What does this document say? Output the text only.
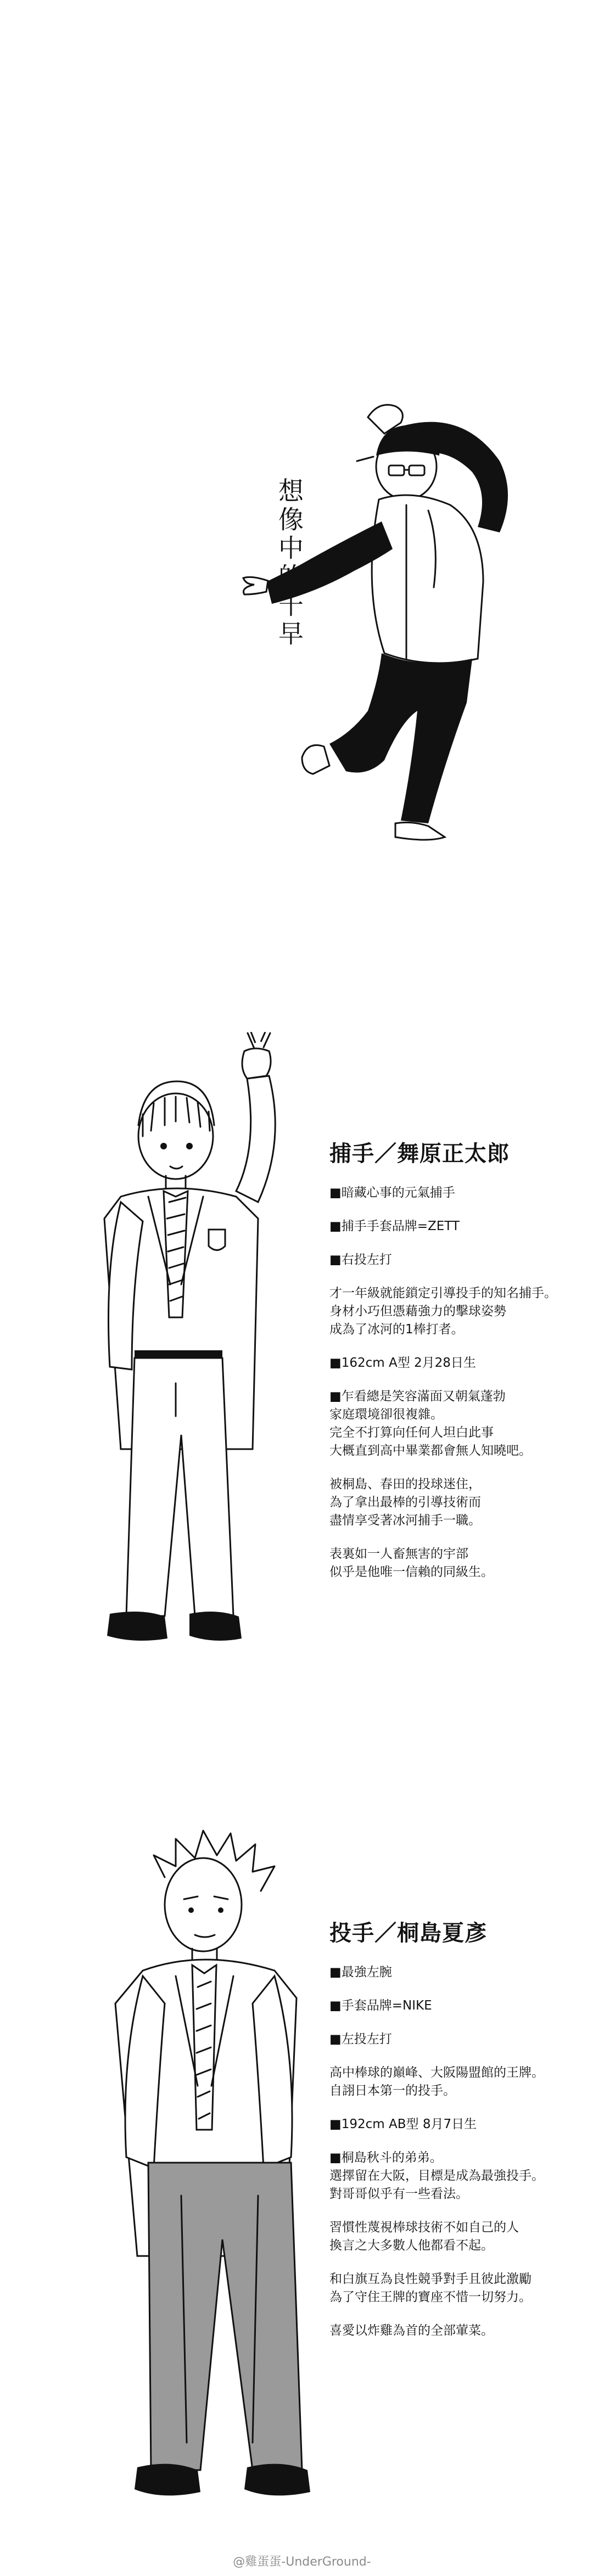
想像中的千早
捕手／舞原正太郎

■暗藏心事的元氣捕手

■捕手手套品牌=ZETT

■右投左打

才一年級就能鎖定引導投手的知名捕手。

身材小巧但憑藉強力的擊球姿勢

成為了冰河的1棒打者。

■162cm A型 2月28日生

■乍看總是笑容滿面又朝氣蓬勃

家庭環境卻很複雜。

完全不打算向任何人坦白此事

大概直到高中畢業都會無人知曉吧。

被桐島、春田的投球迷住，

為了拿出最棒的引導技術而

盡情享受著冰河捕手一職。

表裏如一人畜無害的宇部

似乎是他唯一信賴的同級生。

投手／桐島夏彥

■最強左腕

■手套品牌=NIKE

■左投左打

高中棒球的巔峰、大阪陽盟館的王牌。

自詡日本第一的投手。

■192cm AB型 8月7日生

■桐島秋斗的弟弟。

選擇留在大阪，目標是成為最強投手。

對哥哥似乎有一些看法。

習慣性蔑視棒球技術不如自己的人

換言之大多數人他都看不起。

和白旗互為良性競爭對手且彼此激勵

為了守住王牌的寶座不惜一切努力。

喜愛以炸雞為首的全部葷菜。

@雞蛋蛋-UnderGround-
